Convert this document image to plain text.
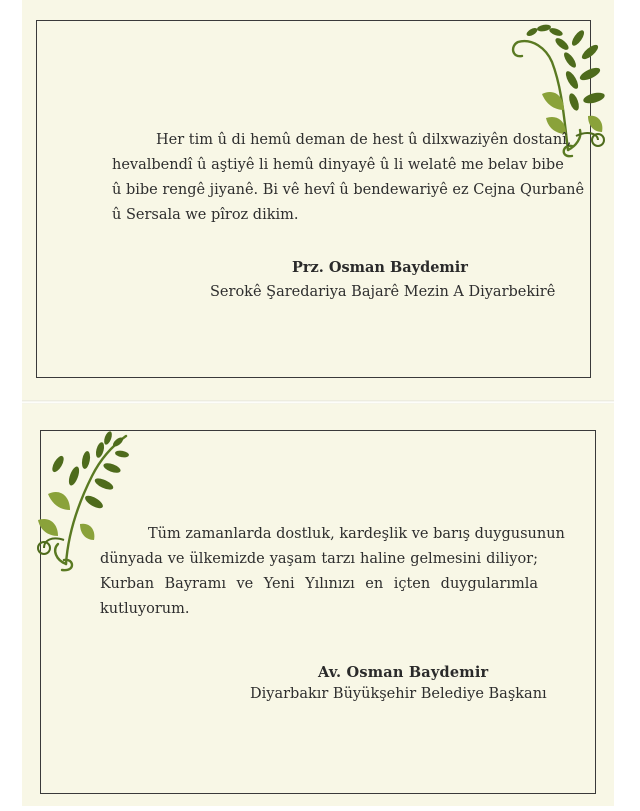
Her tim û di hemû deman de hest û dilxwaziyên dostanî,
hevalbendî û aştiyê li hemû dinyayê û li welatê me belav bibe
û bibe rengê jiyanê. Bi vê hevî û bendewariyê ez Cejna Qurbanê
û Sersala we pîroz dikim.

Prz. Osman Baydemir
Serokê Şaredariya Bajarê Mezin A Diyarbekirê

Tüm zamanlarda dostluk, kardeşlik ve barış duygusunun
dünyada ve ülkemizde yaşam tarzı haline gelmesini diliyor;
Kurban Bayramı ve Yeni Yılınızı en içten duygularımla
kutluyorum.

Av. Osman Baydemir
Diyarbakır Büyükşehir Belediye Başkanı
